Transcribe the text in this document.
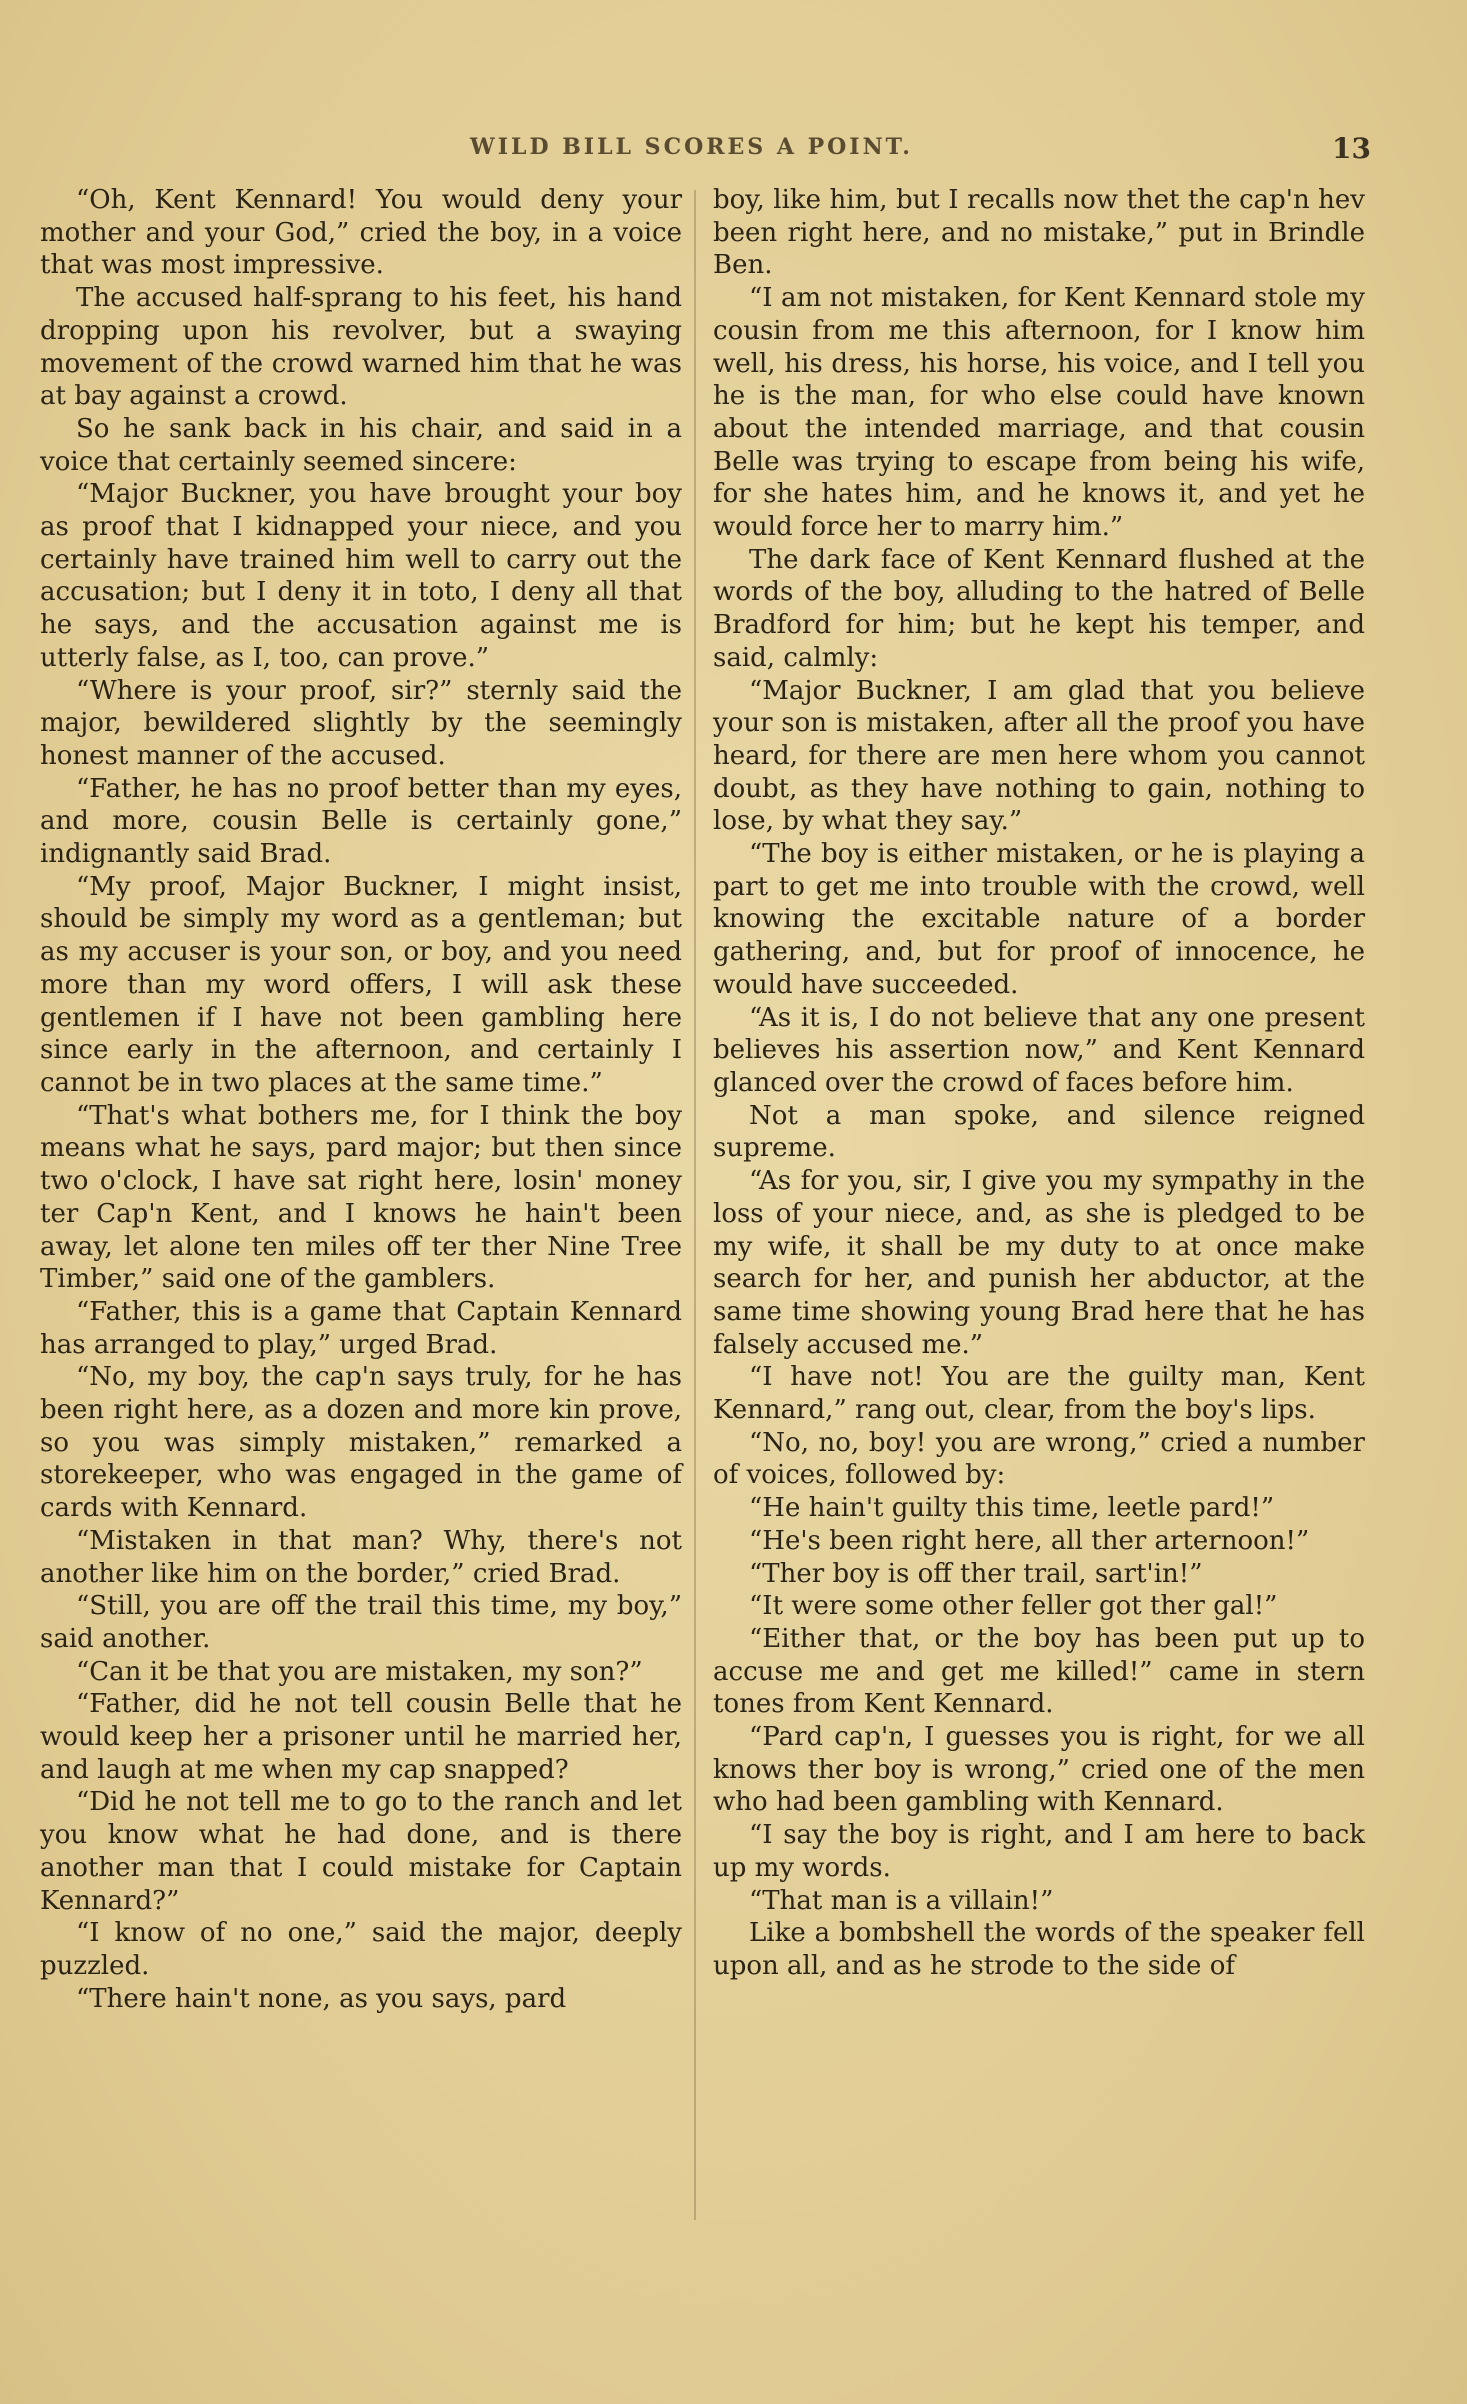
WILD BILL SCORES A POINT.	13

“Oh, Kent Kennard! You would deny your mother and your God,” cried the boy, in a voice that was most impressive.

The accused half-sprang to his feet, his hand dropping upon his revolver, but a swaying movement of the crowd warned him that he was at bay against a crowd.

So he sank back in his chair, and said in a voice that certainly seemed sincere:

“Major Buckner, you have brought your boy as proof that I kidnapped your niece, and you certainly have trained him well to carry out the accusation; but I deny it in toto, I deny all that he says, and the accusation against me is utterly false, as I, too, can prove.”

“Where is your proof, sir?” sternly said the major, bewildered slightly by the seemingly honest manner of the accused.

“Father, he has no proof better than my eyes, and more, cousin Belle is certainly gone,” indignantly said Brad.

“My proof, Major Buckner, I might insist, should be simply my word as a gentleman; but as my accuser is your son, or boy, and you need more than my word offers, I will ask these gentlemen if I have not been gambling here since early in the afternoon, and certainly I cannot be in two places at the same time.”

“That's what bothers me, for I think the boy means what he says, pard major; but then since two o'clock, I have sat right here, losin' money ter Cap'n Kent, and I knows he hain't been away, let alone ten miles off ter ther Nine Tree Timber,” said one of the gamblers.

“Father, this is a game that Captain Kennard has arranged to play,” urged Brad.

“No, my boy, the cap'n says truly, for he has been right here, as a dozen and more kin prove, so you was simply mistaken,” remarked a storekeeper, who was engaged in the game of cards with Kennard.

“Mistaken in that man? Why, there's not another like him on the border,” cried Brad.

“Still, you are off the trail this time, my boy,” said another.

“Can it be that you are mistaken, my son?”

“Father, did he not tell cousin Belle that he would keep her a prisoner until he married her, and laugh at me when my cap snapped?

“Did he not tell me to go to the ranch and let you know what he had done, and is there another man that I could mistake for Captain Kennard?”

“I know of no one,” said the major, deeply puzzled.

“There hain't none, as you says, pard

boy, like him, but I recalls now thet the cap'n hev been right here, and no mistake,” put in Brindle Ben.

“I am not mistaken, for Kent Kennard stole my cousin from me this afternoon, for I know him well, his dress, his horse, his voice, and I tell you he is the man, for who else could have known about the intended marriage, and that cousin Belle was trying to escape from being his wife, for she hates him, and he knows it, and yet he would force her to marry him.”

The dark face of Kent Kennard flushed at the words of the boy, alluding to the hatred of Belle Bradford for him; but he kept his temper, and said, calmly:

“Major Buckner, I am glad that you believe your son is mistaken, after all the proof you have heard, for there are men here whom you cannot doubt, as they have nothing to gain, nothing to lose, by what they say.”

“The boy is either mistaken, or he is playing a part to get me into trouble with the crowd, well knowing the excitable nature of a border gathering, and, but for proof of innocence, he would have succeeded.

“As it is, I do not believe that any one present believes his assertion now,” and Kent Kennard glanced over the crowd of faces before him.

Not a man spoke, and silence reigned supreme.

“As for you, sir, I give you my sympathy in the loss of your niece, and, as she is pledged to be my wife, it shall be my duty to at once make search for her, and punish her abductor, at the same time showing young Brad here that he has falsely accused me.”

“I have not! You are the guilty man, Kent Kennard,” rang out, clear, from the boy's lips.

“No, no, boy! you are wrong,” cried a number of voices, followed by:

“He hain't guilty this time, leetle pard!”

“He's been right here, all ther arternoon!”

“Ther boy is off ther trail, sart'in!”

“It were some other feller got ther gal!”

“Either that, or the boy has been put up to accuse me and get me killed!” came in stern tones from Kent Kennard.

“Pard cap'n, I guesses you is right, for we all knows ther boy is wrong,” cried one of the men who had been gambling with Kennard.

“I say the boy is right, and I am here to back up my words.

“That man is a villain!”

Like a bombshell the words of the speaker fell upon all, and as he strode to the side of
